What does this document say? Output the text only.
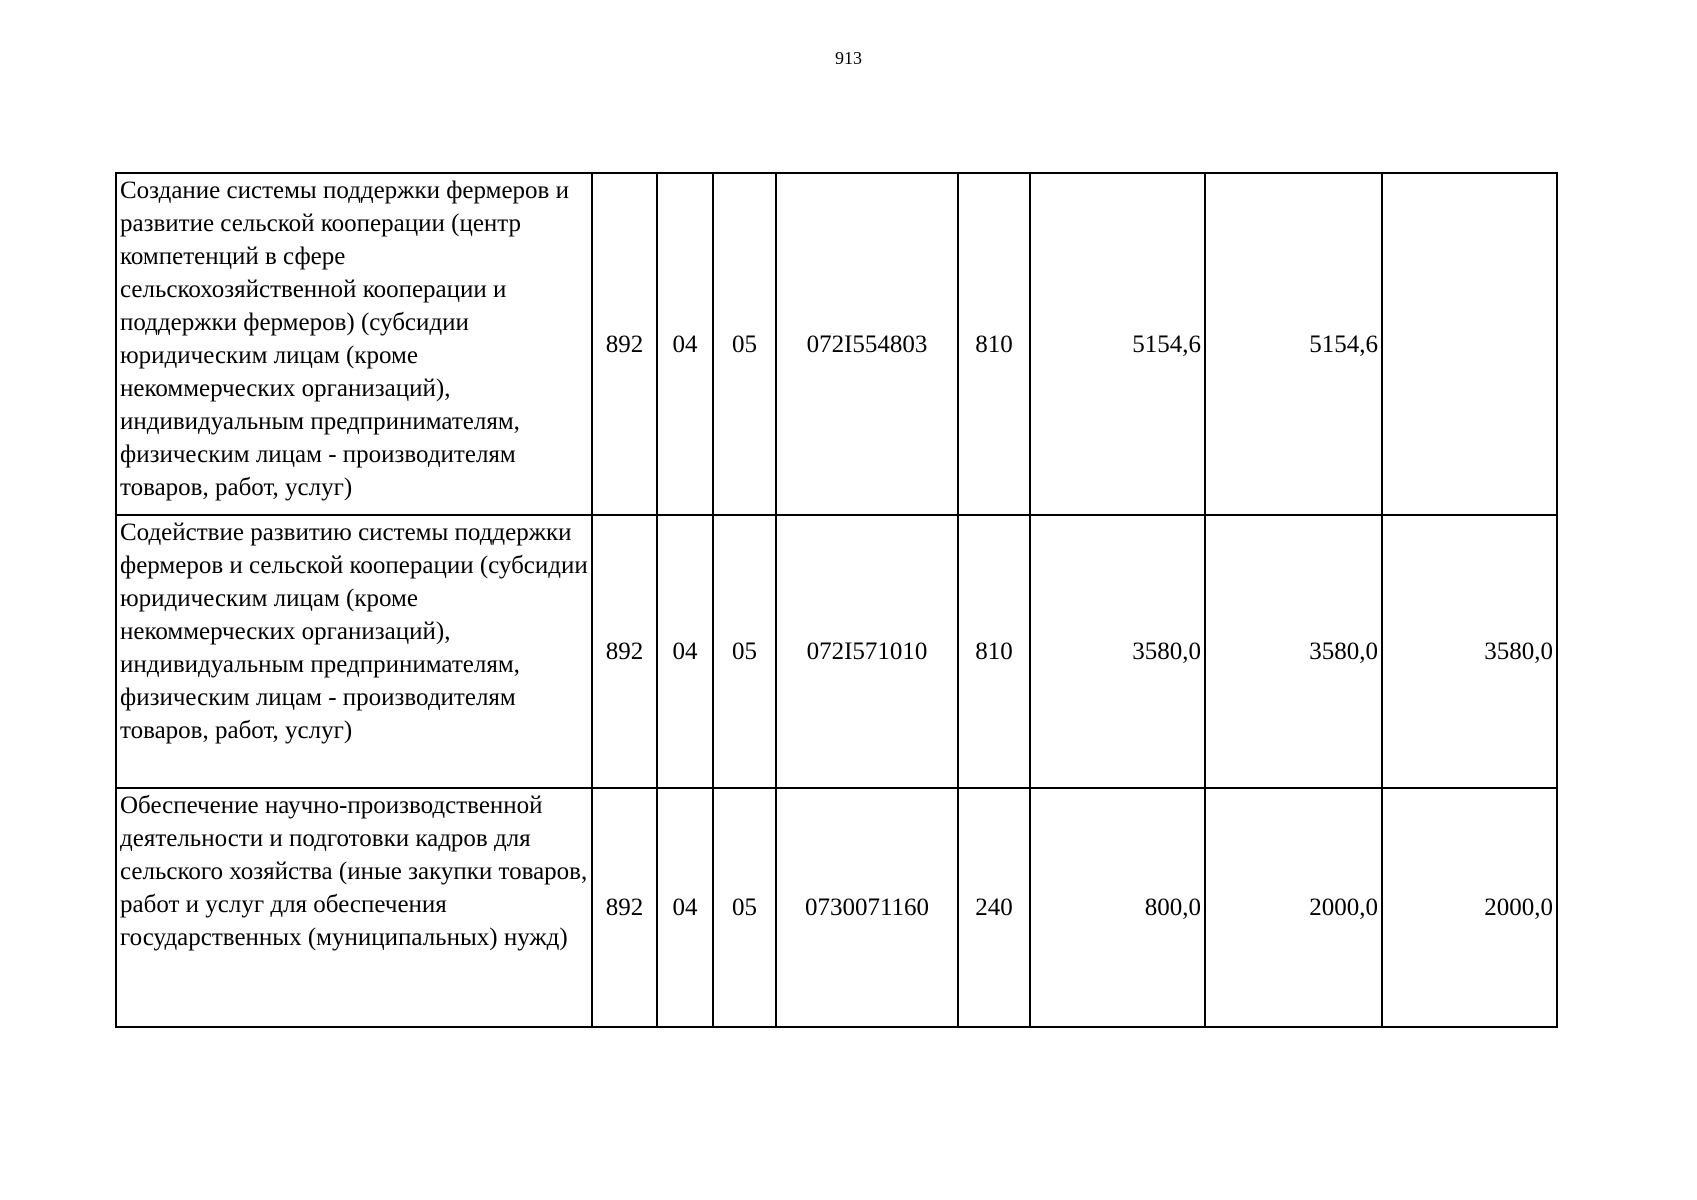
913
Создание системы поддержки фермеров и развитие сельской кооперации (центр компетенций в сфере сельскохозяйственной кооперации и поддержки фермеров) (субсидии юридическим лицам (кроме некоммерческих организаций), индивидуальным предпринимателям, физическим лицам - производителям товаров, работ, услуг)	892	04	05	072I554803	810	5154,6	5154,6	
Содействие развитию системы поддержки фермеров и сельской кооперации (субсидии юридическим лицам (кроме некоммерческих организаций), индивидуальным предпринимателям, физическим лицам - производителям товаров, работ, услуг)	892	04	05	072I571010	810	3580,0	3580,0	3580,0
Обеспечение научно-производственной деятельности и подготовки кадров для сельского хозяйства (иные закупки товаров, работ и услуг для обеспечения государственных (муниципальных) нужд)	892	04	05	0730071160	240	800,0	2000,0	2000,0
